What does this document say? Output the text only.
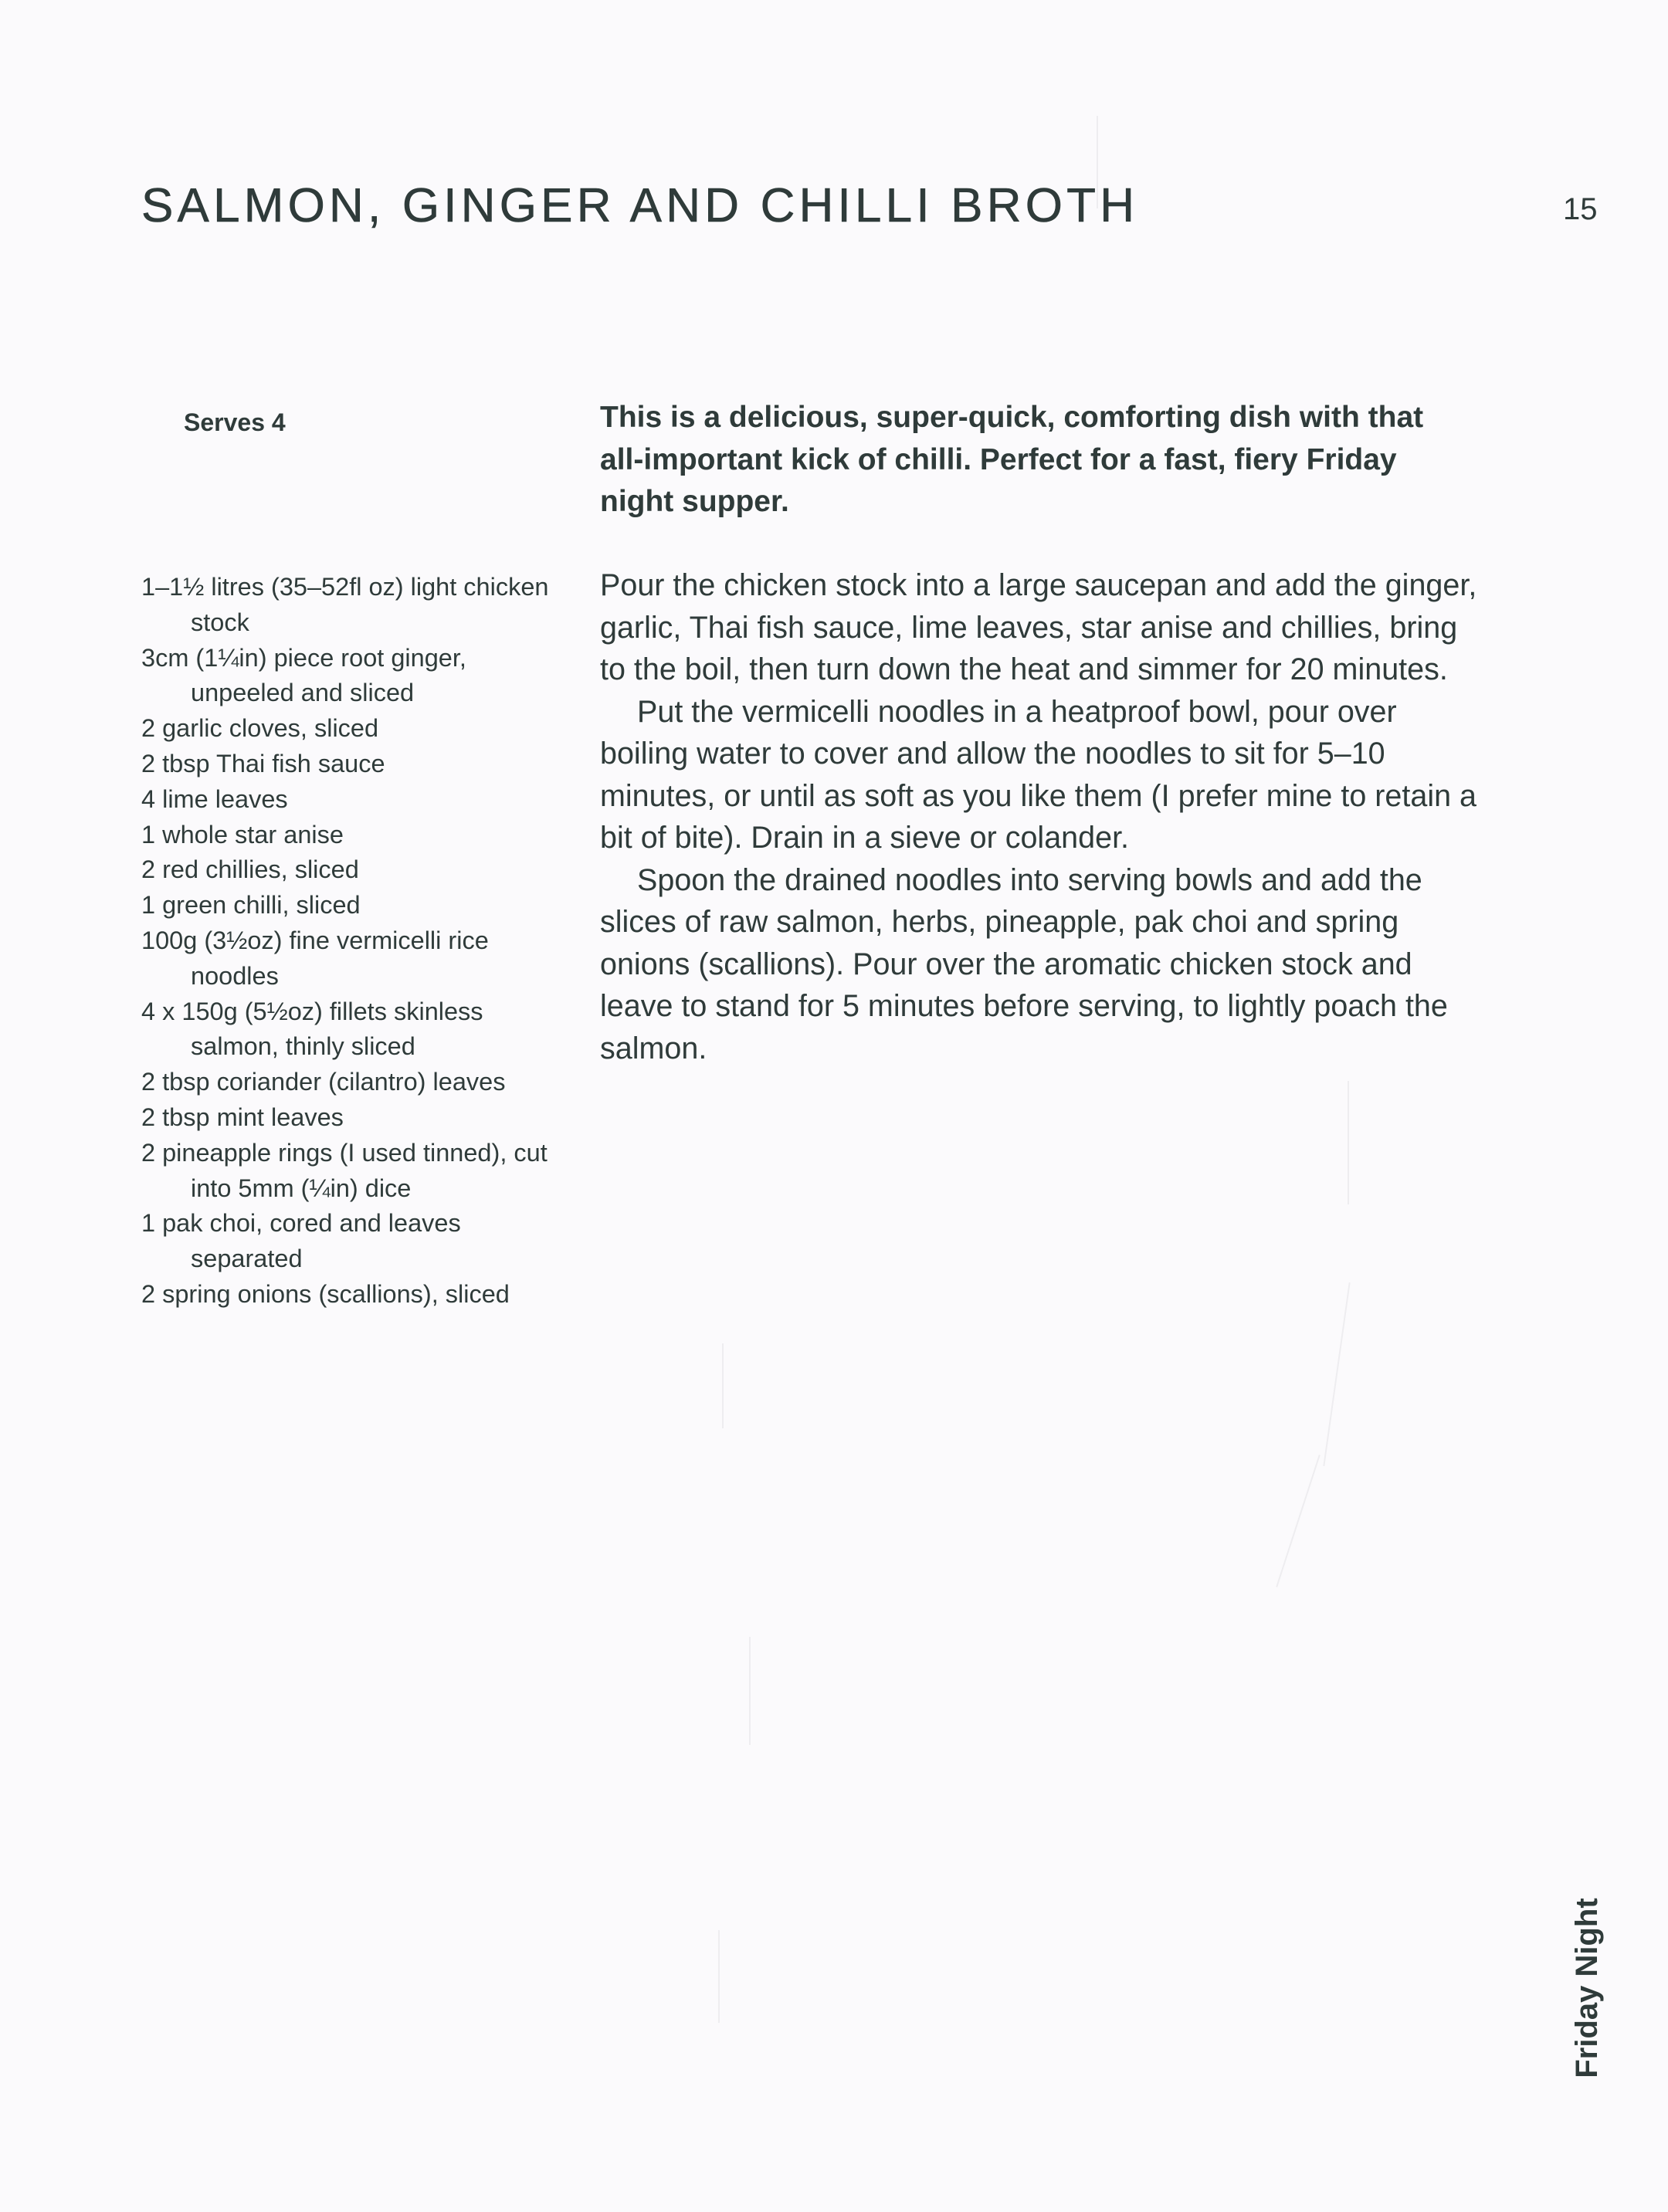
SALMON, GINGER AND CHILLI BROTH	15
Serves 4
1–1½ litres (35–52fl oz) light chicken stock
3cm (1¼in) piece root ginger, unpeeled and sliced
2 garlic cloves, sliced
2 tbsp Thai fish sauce
4 lime leaves
1 whole star anise
2 red chillies, sliced
1 green chilli, sliced
100g (3½oz) fine vermicelli rice noodles
4 x 150g (5½oz) fillets skinless salmon, thinly sliced
2 tbsp coriander (cilantro) leaves
2 tbsp mint leaves
2 pineapple rings (I used tinned), cut into 5mm (¼in) dice
1 pak choi, cored and leaves separated
2 spring onions (scallions), sliced

This is a delicious, super-quick, comforting dish with that all-important kick of chilli. Perfect for a fast, fiery Friday night supper.

Pour the chicken stock into a large saucepan and add the ginger, garlic, Thai fish sauce, lime leaves, star anise and chillies, bring to the boil, then turn down the heat and simmer for 20 minutes.

Put the vermicelli noodles in a heatproof bowl, pour over boiling water to cover and allow the noodles to sit for 5–10 minutes, or until as soft as you like them (I prefer mine to retain a bit of bite). Drain in a sieve or colander.

Spoon the drained noodles into serving bowls and add the slices of raw salmon, herbs, pineapple, pak choi and spring onions (scallions). Pour over the aromatic chicken stock and leave to stand for 5 minutes before serving, to lightly poach the salmon.

Friday Night
